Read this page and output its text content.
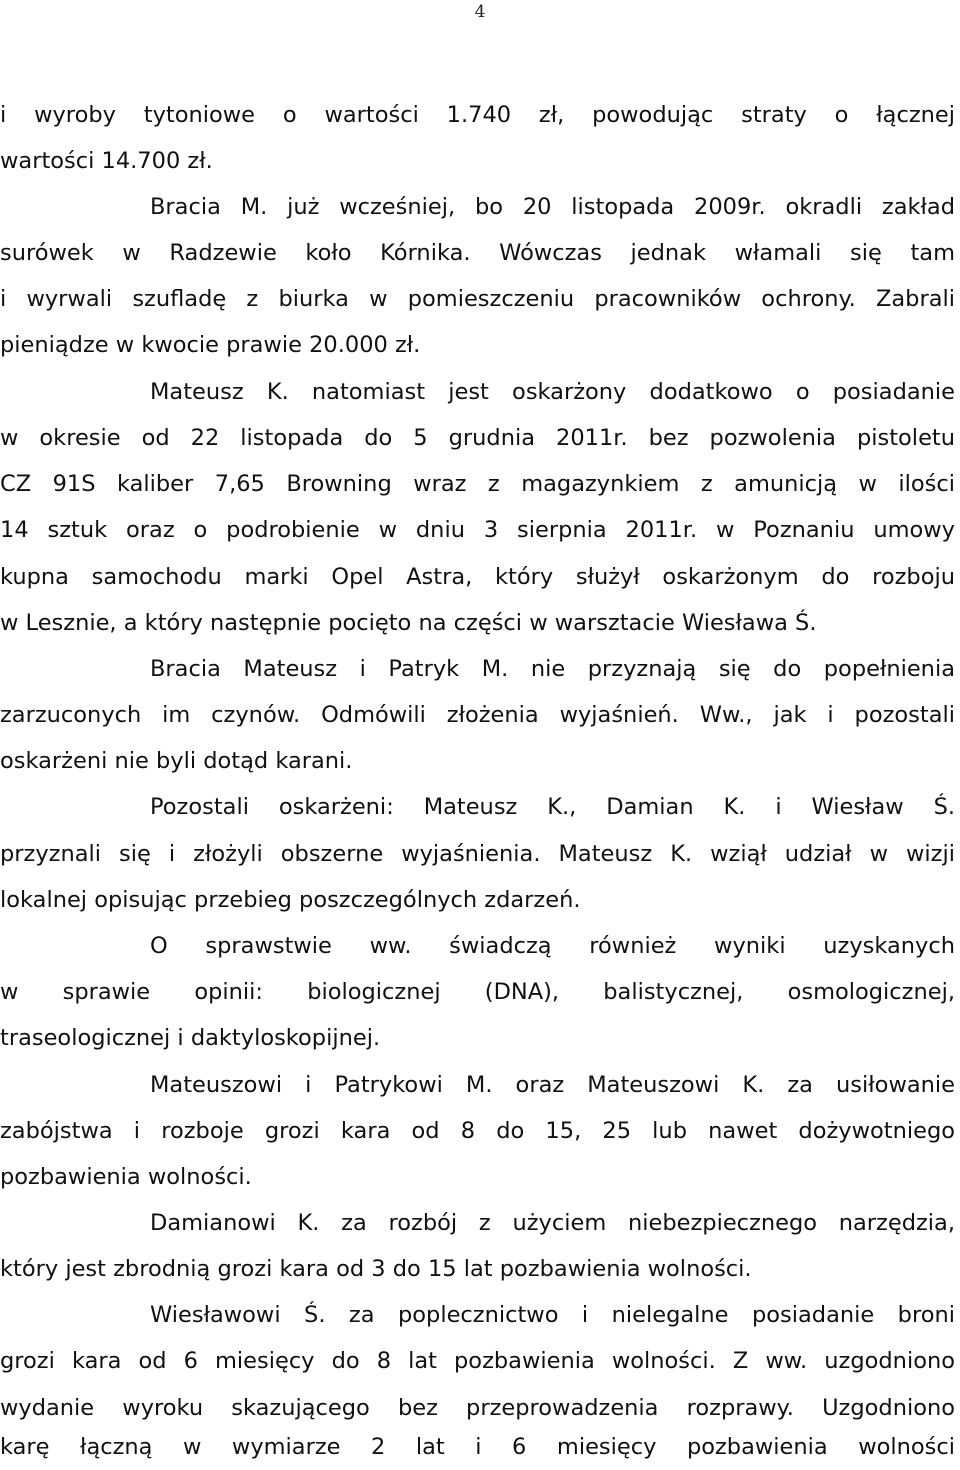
4
i wyroby tytoniowe o wartości 1.740 zł, powodując straty o łącznej
wartości 14.700 zł.
Bracia M. już wcześniej, bo 20 listopada 2009r. okradli zakład
surówek w Radzewie koło Kórnika. Wówczas jednak włamali się tam
i wyrwali szufladę z biurka w pomieszczeniu pracowników ochrony. Zabrali
pieniądze w kwocie prawie 20.000 zł.
Mateusz K. natomiast jest oskarżony dodatkowo o posiadanie
w okresie od 22 listopada do 5 grudnia 2011r. bez pozwolenia pistoletu
CZ 91S kaliber 7,65 Browning wraz z magazynkiem z amunicją w ilości
14 sztuk oraz o podrobienie w dniu 3 sierpnia 2011r. w Poznaniu umowy
kupna samochodu marki Opel Astra, który służył oskarżonym do rozboju
w Lesznie, a który następnie pocięto na części w warsztacie Wiesława Ś.
Bracia Mateusz i Patryk M. nie przyznają się do popełnienia
zarzuconych im czynów. Odmówili złożenia wyjaśnień. Ww., jak i pozostali
oskarżeni nie byli dotąd karani.
Pozostali oskarżeni: Mateusz K., Damian K. i Wiesław Ś.
przyznali się i złożyli obszerne wyjaśnienia. Mateusz K. wziął udział w wizji
lokalnej opisując przebieg poszczególnych zdarzeń.
O sprawstwie ww. świadczą również wyniki uzyskanych
w sprawie opinii: biologicznej (DNA), balistycznej, osmologicznej,
traseologicznej i daktyloskopijnej.
Mateuszowi i Patrykowi M. oraz Mateuszowi K. za usiłowanie
zabójstwa i rozboje grozi kara od 8 do 15, 25 lub nawet dożywotniego
pozbawienia wolności.
Damianowi K. za rozbój z użyciem niebezpiecznego narzędzia,
który jest zbrodnią grozi kara od 3 do 15 lat pozbawienia wolności.
Wiesławowi Ś. za poplecznictwo i nielegalne posiadanie broni
grozi kara od 6 miesięcy do 8 lat pozbawienia wolności. Z ww. uzgodniono
wydanie wyroku skazującego bez przeprowadzenia rozprawy. Uzgodniono
karę łączną w wymiarze 2 lat i 6 miesięcy pozbawienia wolności
